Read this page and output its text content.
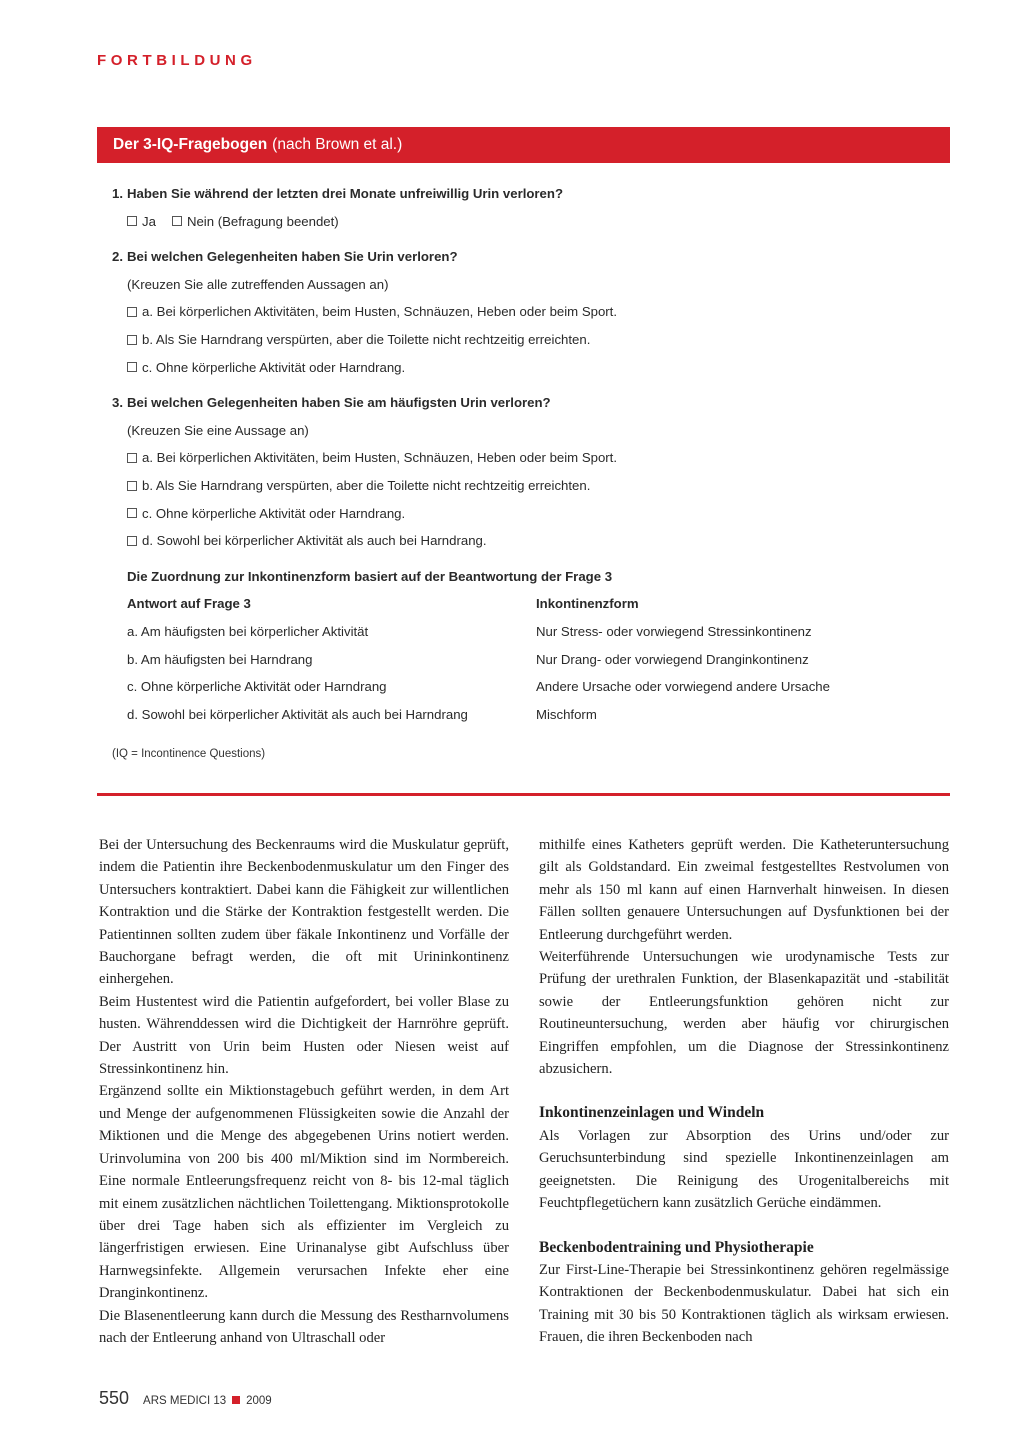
FORTBILDUNG
Der 3-IQ-Fragebogen (nach Brown et al.)
1. Haben Sie während der letzten drei Monate unfreiwillig Urin verloren?
Ja Nein (Befragung beendet)
2. Bei welchen Gelegenheiten haben Sie Urin verloren?
(Kreuzen Sie alle zutreffenden Aussagen an)
a. Bei körperlichen Aktivitäten, beim Husten, Schnäuzen, Heben oder beim Sport.
b. Als Sie Harndrang verspürten, aber die Toilette nicht rechtzeitig erreichten.
c. Ohne körperliche Aktivität oder Harndrang.
3. Bei welchen Gelegenheiten haben Sie am häufigsten Urin verloren?
(Kreuzen Sie eine Aussage an)
a. Bei körperlichen Aktivitäten, beim Husten, Schnäuzen, Heben oder beim Sport.
b. Als Sie Harndrang verspürten, aber die Toilette nicht rechtzeitig erreichten.
c. Ohne körperliche Aktivität oder Harndrang.
d. Sowohl bei körperlicher Aktivität als auch bei Harndrang.
Die Zuordnung zur Inkontinenzform basiert auf der Beantwortung der Frage 3
Antwort auf Frage 3	Inkontinenzform
a. Am häufigsten bei körperlicher Aktivität	Nur Stress- oder vorwiegend Stressinkontinenz
b. Am häufigsten bei Harndrang	Nur Drang- oder vorwiegend Dranginkontinenz
c. Ohne körperliche Aktivität oder Harndrang	Andere Ursache oder vorwiegend andere Ursache
d. Sowohl bei körperlicher Aktivität als auch bei Harndrang	Mischform
(IQ = Incontinence Questions)

Bei der Untersuchung des Beckenraums wird die Muskulatur geprüft, indem die Patientin ihre Beckenbodenmuskulatur um den Finger des Untersuchers kontraktiert. Dabei kann die Fähigkeit zur willentlichen Kontraktion und die Stärke der Kontraktion festgestellt werden. Die Patientinnen sollten zudem über fäkale Inkontinenz und Vorfälle der Bauchorgane befragt werden, die oft mit Urininkontinenz einhergehen.

Beim Hustentest wird die Patientin aufgefordert, bei voller Blase zu husten. Währenddessen wird die Dichtigkeit der Harnröhre geprüft. Der Austritt von Urin beim Husten oder Niesen weist auf Stressinkontinenz hin.

Ergänzend sollte ein Miktionstagebuch geführt werden, in dem Art und Menge der aufgenommenen Flüssigkeiten sowie die Anzahl der Miktionen und die Menge des abgegebenen Urins notiert werden. Urinvolumina von 200 bis 400 ml/Miktion sind im Normbereich. Eine normale Entleerungsfrequenz reicht von 8- bis 12-mal täglich mit einem zusätzlichen nächtlichen Toilettengang. Miktionsprotokolle über drei Tage haben sich als effizienter im Vergleich zu längerfristigen erwiesen. Eine Urinanalyse gibt Aufschluss über Harnwegsinfekte. Allgemein verursachen Infekte eher eine Dranginkontinenz.

Die Blasenentleerung kann durch die Messung des Restharnvolumens nach der Entleerung anhand von Ultraschall oder

mithilfe eines Katheters geprüft werden. Die Katheteruntersuchung gilt als Goldstandard. Ein zweimal festgestelltes Restvolumen von mehr als 150 ml kann auf einen Harnverhalt hinweisen. In diesen Fällen sollten genauere Untersuchungen auf Dysfunktionen bei der Entleerung durchgeführt werden.

Weiterführende Untersuchungen wie urodynamische Tests zur Prüfung der urethralen Funktion, der Blasenkapazität und -stabilität sowie der Entleerungsfunktion gehören nicht zur Routineuntersuchung, werden aber häufig vor chirurgischen Eingriffen empfohlen, um die Diagnose der Stressinkontinenz abzusichern.

Inkontinenzeinlagen und Windeln

Als Vorlagen zur Absorption des Urins und/oder zur Geruchsunterbindung sind spezielle Inkontinenzeinlagen am geeignetsten. Die Reinigung des Urogenitalbereichs mit Feuchtpflegetüchern kann zusätzlich Gerüche eindämmen.

Beckenbodentraining und Physiotherapie

Zur First-Line-Therapie bei Stressinkontinenz gehören regelmässige Kontraktionen der Beckenbodenmuskulatur. Dabei hat sich ein Training mit 30 bis 50 Kontraktionen täglich als wirksam erwiesen. Frauen, die ihren Beckenboden nach

550 ARS MEDICI 13 2009
